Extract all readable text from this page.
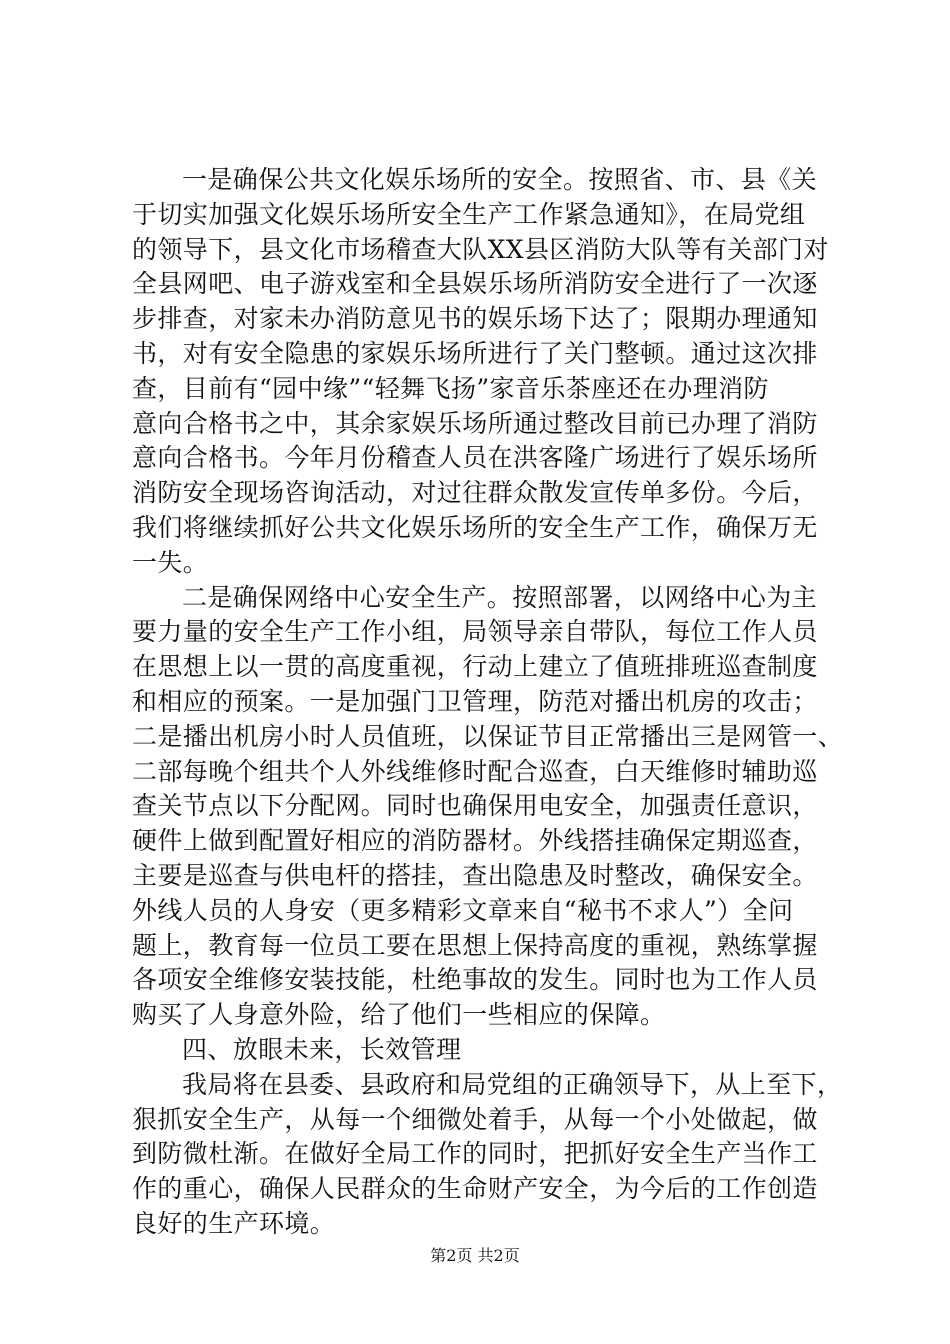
一是确保公共文化娱乐场所的安全。按照省、市、县《关
于切实加强文化娱乐场所安全生产工作紧急通知》，在局党组
的领导下，县文化市场稽查大队XX县区消防大队等有关部门对
全县网吧、电子游戏室和全县娱乐场所消防安全进行了一次逐
步排查，对家未办消防意见书的娱乐场下达了；限期办理通知
书，对有安全隐患的家娱乐场所进行了关门整顿。通过这次排
查，目前有“园中缘”“轻舞飞扬”家音乐茶座还在办理消防
意向合格书之中，其余家娱乐场所通过整改目前已办理了消防
意向合格书。今年月份稽查人员在洪客隆广场进行了娱乐场所
消防安全现场咨询活动，对过往群众散发宣传单多份。今后，
我们将继续抓好公共文化娱乐场所的安全生产工作，确保万无
一失。
二是确保网络中心安全生产。按照部署，以网络中心为主
要力量的安全生产工作小组，局领导亲自带队，每位工作人员
在思想上以一贯的高度重视，行动上建立了值班排班巡查制度
和相应的预案。一是加强门卫管理，防范对播出机房的攻击；
二是播出机房小时人员值班，以保证节目正常播出三是网管一、
二部每晚个组共个人外线维修时配合巡查，白天维修时辅助巡
查关节点以下分配网。同时也确保用电安全，加强责任意识，
硬件上做到配置好相应的消防器材。外线搭挂确保定期巡查，
主要是巡查与供电杆的搭挂，查出隐患及时整改，确保安全。
外线人员的人身安（更多精彩文章来自“秘书不求人”）全问
题上，教育每一位员工要在思想上保持高度的重视，熟练掌握
各项安全维修安装技能，杜绝事故的发生。同时也为工作人员
购买了人身意外险，给了他们一些相应的保障。
四、放眼未来，长效管理
我局将在县委、县政府和局党组的正确领导下，从上至下，
狠抓安全生产，从每一个细微处着手，从每一个小处做起，做
到防微杜渐。在做好全局工作的同时，把抓好安全生产当作工
作的重心，确保人民群众的生命财产安全，为今后的工作创造
良好的生产环境。
第2页 共2页
